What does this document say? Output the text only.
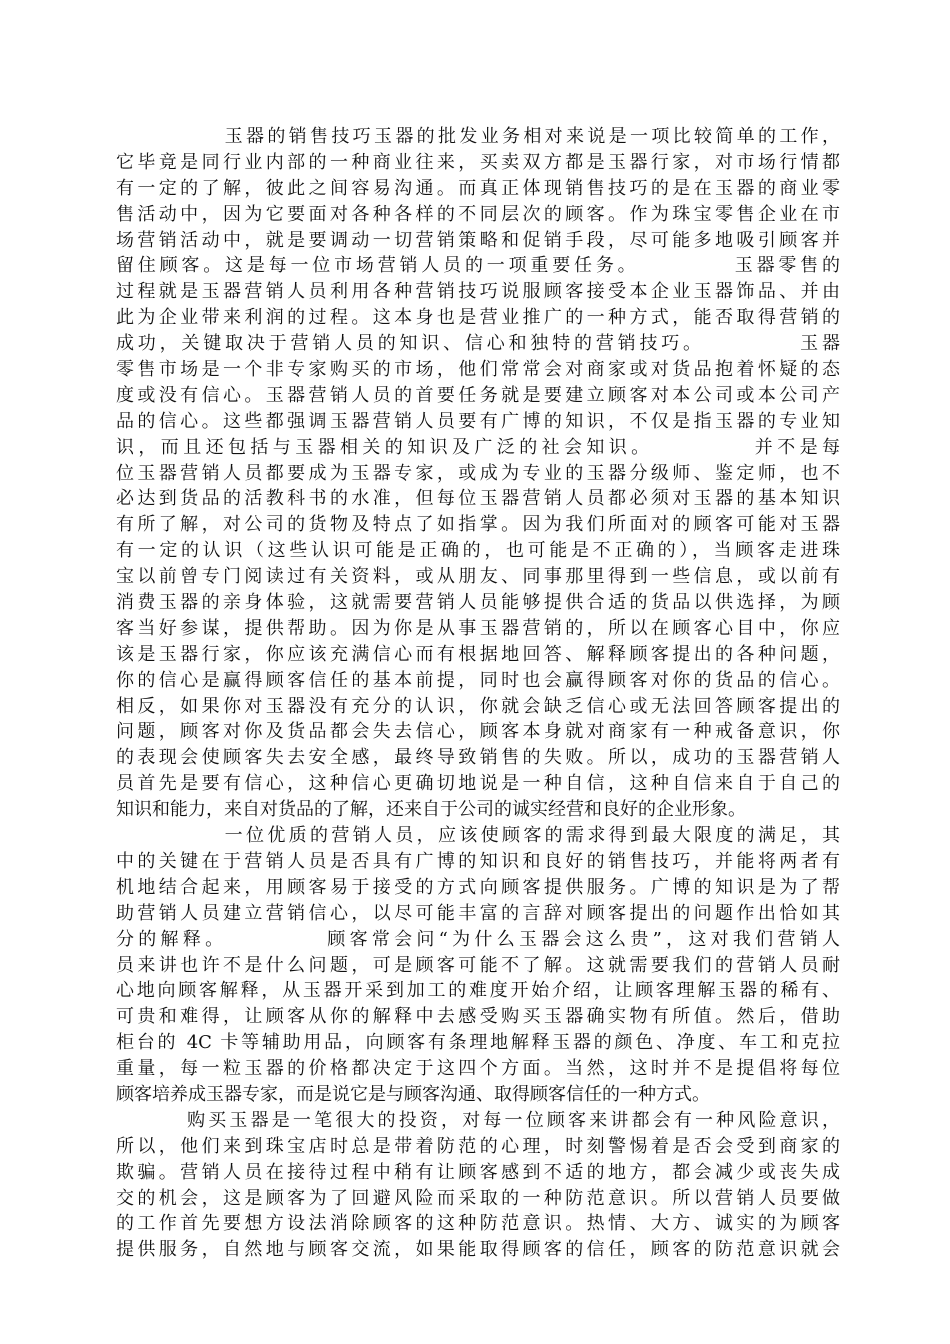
玉器的销售技巧玉器的批发业务相对来说是一项比较简单的工作，
它毕竟是同行业内部的一种商业往来，买卖双方都是玉器行家，对市场行情都
有一定的了解，彼此之间容易沟通。而真正体现销售技巧的是在玉器的商业零
售活动中，因为它要面对各种各样的不同层次的顾客。作为珠宝零售企业在市
场营销活动中，就是要调动一切营销策略和促销手段，尽可能多地吸引顾客并
留住顾客。这是每一位市场营销人员的一项重要任务。          玉器零售的
过程就是玉器营销人员利用各种营销技巧说服顾客接受本企业玉器饰品、并由
此为企业带来利润的过程。这本身也是营业推广的一种方式，能否取得营销的
成功，关键取决于营销人员的知识、信心和独特的营销技巧。          玉器
零售市场是一个非专家购买的市场，他们常常会对商家或对货品抱着怀疑的态
度或没有信心。玉器营销人员的首要任务就是要建立顾客对本公司或本公司产
品的信心。这些都强调玉器营销人员要有广博的知识，不仅是指玉器的专业知
识，而且还包括与玉器相关的知识及广泛的社会知识。          并不是每
位玉器营销人员都要成为玉器专家，或成为专业的玉器分级师、鉴定师，也不
必达到货品的活教科书的水准，但每位玉器营销人员都必须对玉器的基本知识
有所了解，对公司的货物及特点了如指掌。因为我们所面对的顾客可能对玉器
有一定的认识（这些认识可能是正确的，也可能是不正确的），当顾客走进珠
宝以前曾专门阅读过有关资料，或从朋友、同事那里得到一些信息，或以前有
消费玉器的亲身体验，这就需要营销人员能够提供合适的货品以供选择，为顾
客当好参谋，提供帮助。因为你是从事玉器营销的，所以在顾客心目中，你应
该是玉器行家，你应该充满信心而有根据地回答、解释顾客提出的各种问题，
你的信心是赢得顾客信任的基本前提，同时也会赢得顾客对你的货品的信心。
相反，如果你对玉器没有充分的认识，你就会缺乏信心或无法回答顾客提出的
问题，顾客对你及货品都会失去信心，顾客本身就对商家有一种戒备意识，你
的表现会使顾客失去安全感，最终导致销售的失败。所以，成功的玉器营销人
员首先是要有信心，这种信心更确切地说是一种自信，这种自信来自于自己的
知识和能力，来自对货品的了解，还来自于公司的诚实经营和良好的企业形象。
一位优质的营销人员，应该使顾客的需求得到最大限度的满足，其
中的关键在于营销人员是否具有广博的知识和良好的销售技巧，并能将两者有
机地结合起来，用顾客易于接受的方式向顾客提供服务。广博的知识是为了帮
助营销人员建立营销信心，以尽可能丰富的言辞对顾客提出的问题作出恰如其
分的解释。          顾客常会问“为什么玉器会这么贵”，这对我们营销人
员来讲也许不是什么问题，可是顾客可能不了解。这就需要我们的营销人员耐
心地向顾客解释，从玉器开采到加工的难度开始介绍，让顾客理解玉器的稀有、
可贵和难得，让顾客从你的解释中去感受购买玉器确实物有所值。然后，借助
柜台的 4C 卡等辅助用品，向顾客有条理地解释玉器的颜色、净度、车工和克拉
重量，每一粒玉器的价格都决定于这四个方面。当然，这时并不是提倡将每位
顾客培养成玉器专家，而是说它是与顾客沟通、取得顾客信任的一种方式。
购买玉器是一笔很大的投资，对每一位顾客来讲都会有一种风险意识，
所以，他们来到珠宝店时总是带着防范的心理，时刻警惕着是否会受到商家的
欺骗。营销人员在接待过程中稍有让顾客感到不适的地方，都会减少或丧失成
交的机会，这是顾客为了回避风险而采取的一种防范意识。所以营销人员要做
的工作首先要想方设法消除顾客的这种防范意识。热情、大方、诚实的为顾客
提供服务，自然地与顾客交流，如果能取得顾客的信任，顾客的防范意识就会
